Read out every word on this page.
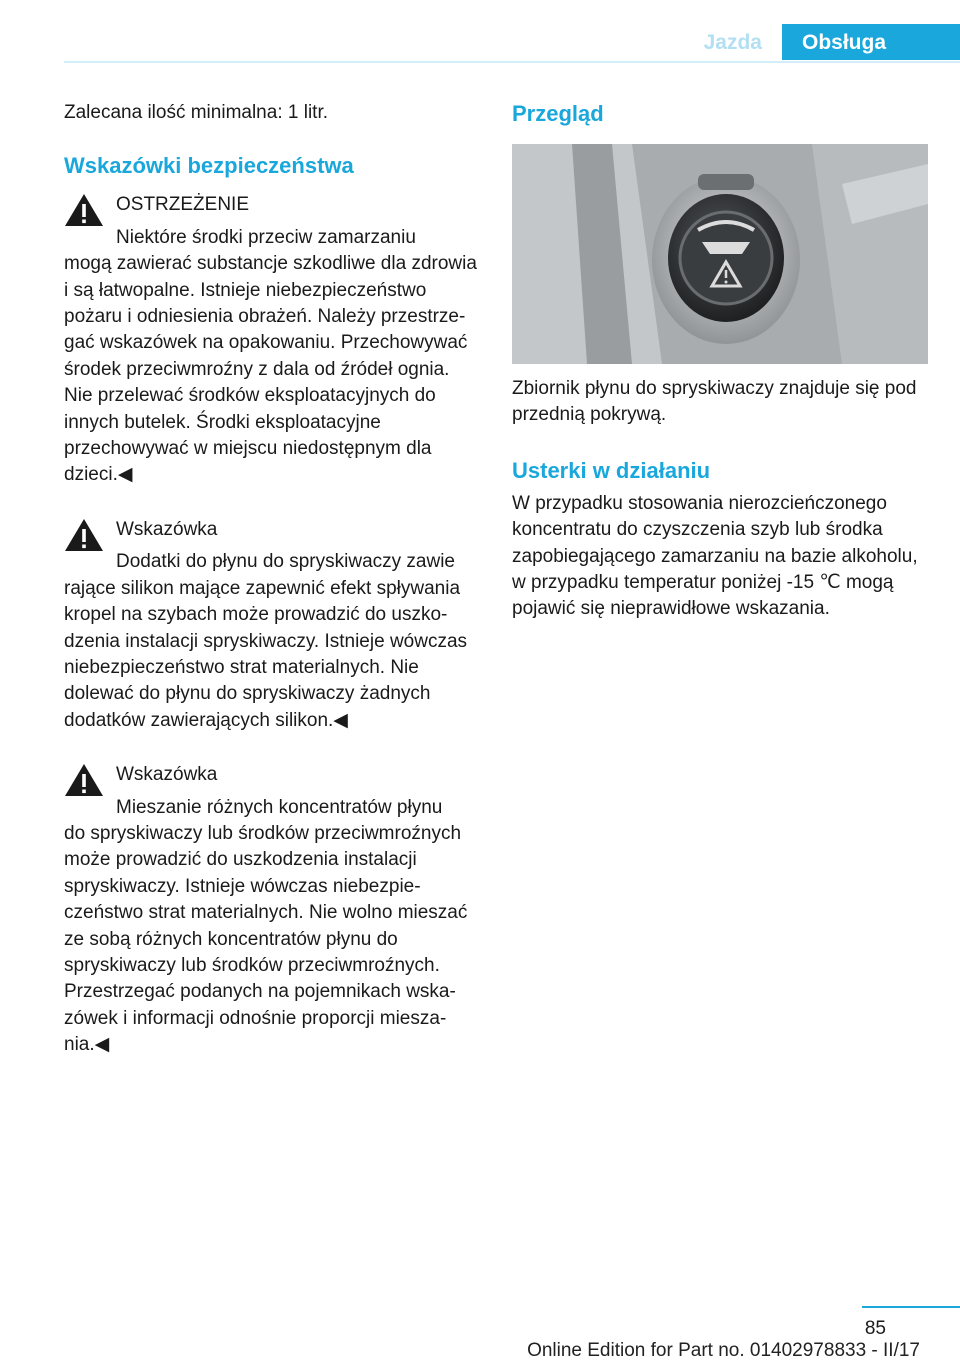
Jazda	Obsługa

Zalecana ilość minimalna: 1 litr.

Wskazówki bezpieczeństwa

OSTRZEŻENIE

Niektóre środki przeciw zamarzaniu

mogą zawierać substancje szkodliwe dla zdrowia i są łatwopalne. Istnieje niebezpieczeństwo pożaru i odniesienia obrażeń. Należy przestrzegać wskazówek na opakowaniu. Przechowywać środek przeciwmroźny z dala od źródeł ognia. Nie przelewać środków eksploatacyjnych do innych butelek. Środki eksploatacyjne przechowywać w miejscu niedostępnym dla dzieci.◀

Wskazówka

Dodatki do płynu do spryskiwaczy zawie

rające silikon mające zapewnić efekt spływania kropel na szybach może prowadzić do uszkodzenia instalacji spryskiwaczy. Istnieje wówczas niebezpieczeństwo strat materialnych. Nie dolewać do płynu do spryskiwaczy żadnych dodatków zawierających silikon.◀

Wskazówka

Mieszanie różnych koncentratów płynu

do spryskiwaczy lub środków przeciwmroźnych może prowadzić do uszkodzenia instalacji spryskiwaczy. Istnieje wówczas niebezpieczeństwo strat materialnych. Nie wolno mieszać ze sobą różnych koncentratów płynu do spryskiwaczy lub środków przeciwmroźnych. Przestrzegać podanych na pojemnikach wskazówek i informacji odnośnie proporcji mieszania.◀

Przegląd

Zbiornik płynu do spryskiwaczy znajduje się pod przednią pokrywą.

Usterki w działaniu

W przypadku stosowania nierozcieńczonego koncentratu do czyszczenia szyb lub środka zapobiegającego zamarzaniu na bazie alkoholu, w przypadku temperatur poniżej -15 ℃ mogą pojawić się nieprawidłowe wskazania.

85
Online Edition for Part no. 01402978833 - II/17
